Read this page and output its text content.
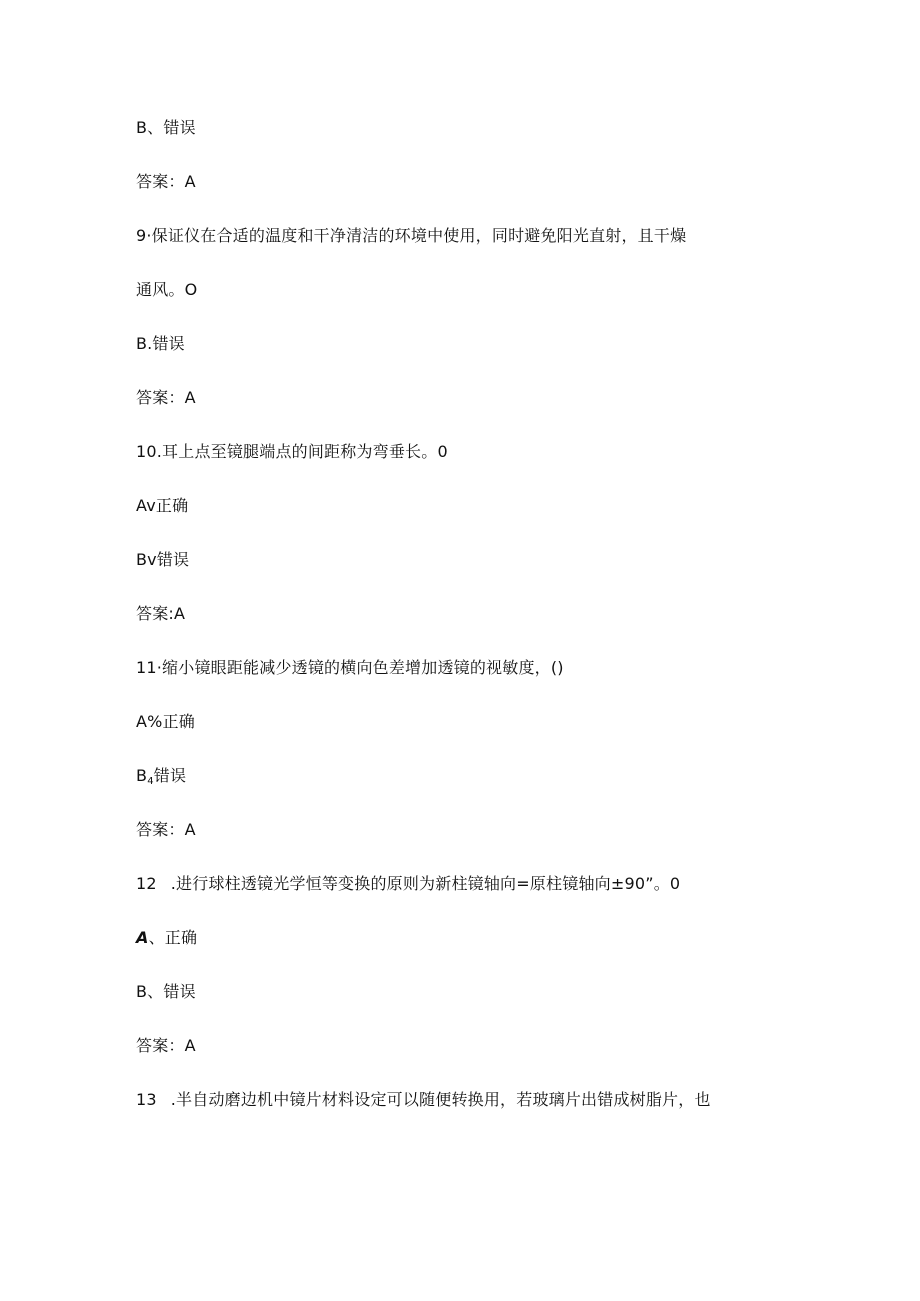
B、错误
答案：A
9·保证仪在合适的温度和干净清洁的环境中使用，同时避免阳光直射，且干燥
通风。O
B.错误
答案：A
10.耳上点至镜腿端点的间距称为弯垂长。0
Av正确
Bv错误
答案:A
11·缩小镜眼距能减少透镜的横向色差增加透镜的视敏度，()
A%正确
$B_4$错误
答案：A
12 .进行球柱透镜光学恒等变换的原则为新柱镜轴向=原柱镜轴向±90”。0
A、正确
B、错误
答案：A
13 .半自动磨边机中镜片材料设定可以随便转换用，若玻璃片出错成树脂片，也
